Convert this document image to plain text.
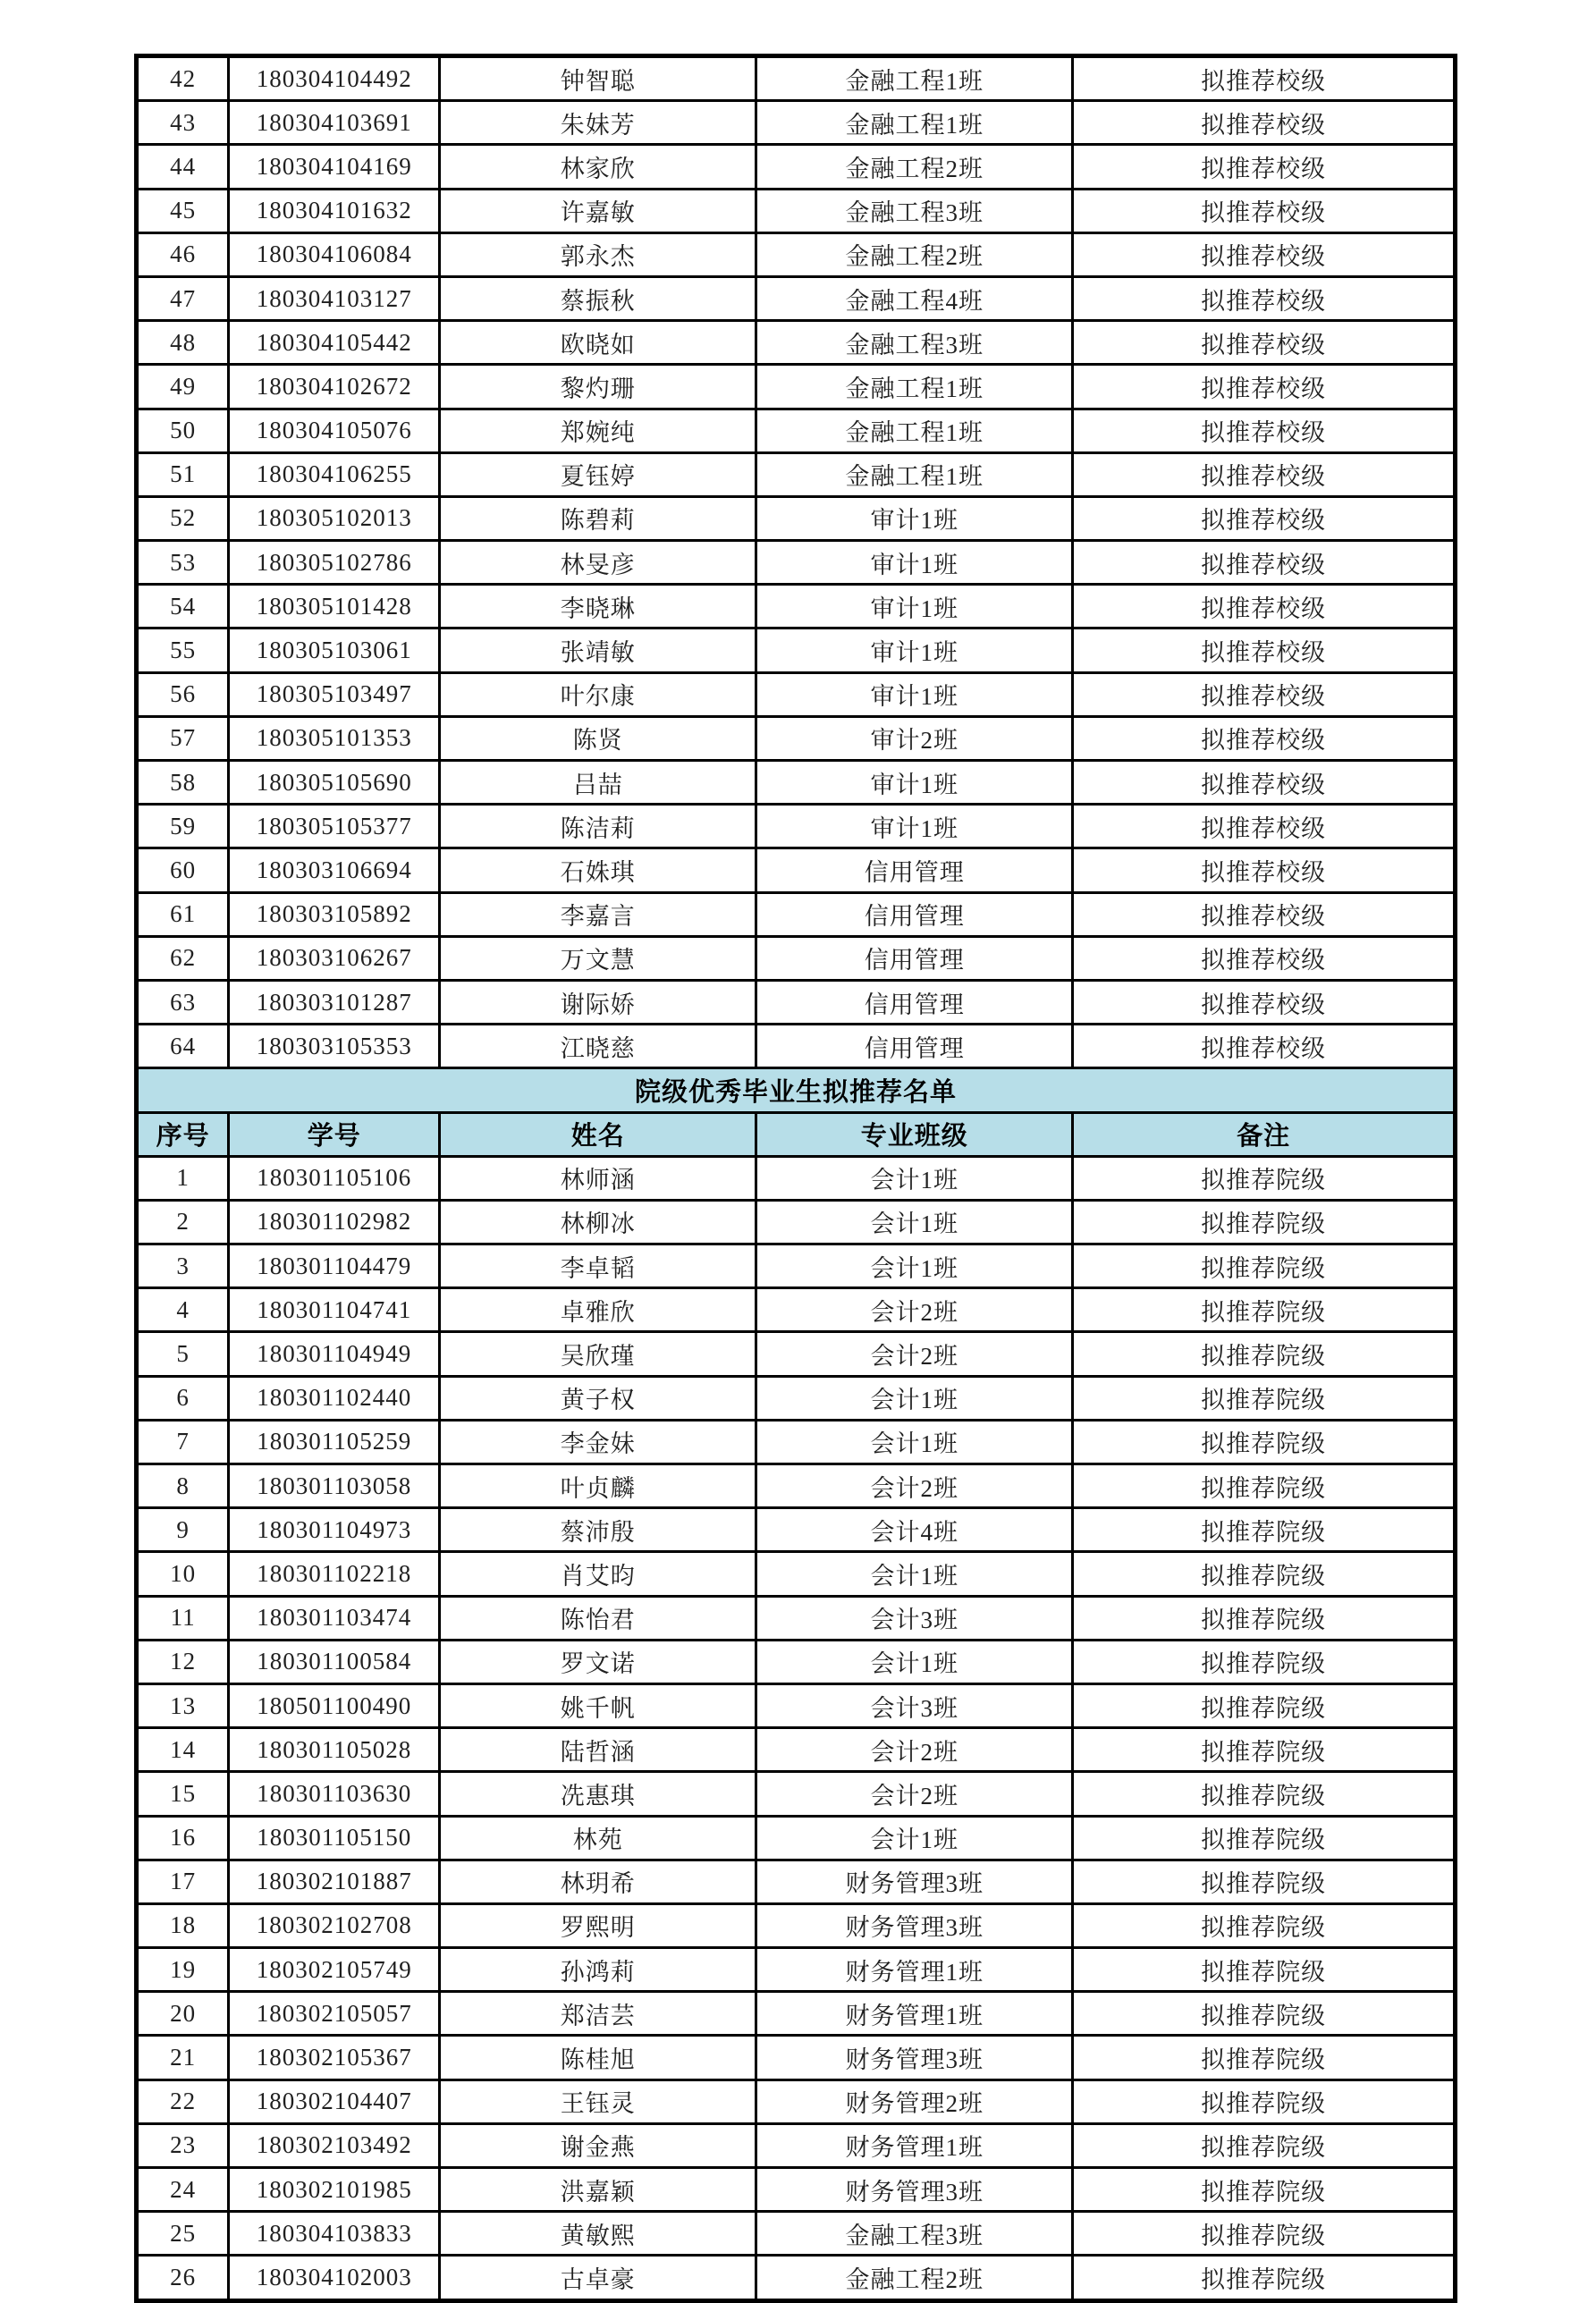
42	180304104492	钟智聪	金融工程1班	拟推荐校级
43	180304103691	朱妹芳	金融工程1班	拟推荐校级
44	180304104169	林家欣	金融工程2班	拟推荐校级
45	180304101632	许嘉敏	金融工程3班	拟推荐校级
46	180304106084	郭永杰	金融工程2班	拟推荐校级
47	180304103127	蔡振秋	金融工程4班	拟推荐校级
48	180304105442	欧晓如	金融工程3班	拟推荐校级
49	180304102672	黎灼珊	金融工程1班	拟推荐校级
50	180304105076	郑婉纯	金融工程1班	拟推荐校级
51	180304106255	夏钰婷	金融工程1班	拟推荐校级
52	180305102013	陈碧莉	审计1班	拟推荐校级
53	180305102786	林旻彦	审计1班	拟推荐校级
54	180305101428	李晓琳	审计1班	拟推荐校级
55	180305103061	张靖敏	审计1班	拟推荐校级
56	180305103497	叶尔康	审计1班	拟推荐校级
57	180305101353	陈贤	审计2班	拟推荐校级
58	180305105690	吕喆	审计1班	拟推荐校级
59	180305105377	陈洁莉	审计1班	拟推荐校级
60	180303106694	石姝琪	信用管理	拟推荐校级
61	180303105892	李嘉言	信用管理	拟推荐校级
62	180303106267	万文慧	信用管理	拟推荐校级
63	180303101287	谢际娇	信用管理	拟推荐校级
64	180303105353	江晓慈	信用管理	拟推荐校级
院级优秀毕业生拟推荐名单				
序号	学号	姓名	专业班级	备注
1	180301105106	林师涵	会计1班	拟推荐院级
2	180301102982	林柳冰	会计1班	拟推荐院级
3	180301104479	李卓韬	会计1班	拟推荐院级
4	180301104741	卓雅欣	会计2班	拟推荐院级
5	180301104949	吴欣瑾	会计2班	拟推荐院级
6	180301102440	黄子权	会计1班	拟推荐院级
7	180301105259	李金妹	会计1班	拟推荐院级
8	180301103058	叶贞麟	会计2班	拟推荐院级
9	180301104973	蔡沛殷	会计4班	拟推荐院级
10	180301102218	肖艾昀	会计1班	拟推荐院级
11	180301103474	陈怡君	会计3班	拟推荐院级
12	180301100584	罗文诺	会计1班	拟推荐院级
13	180501100490	姚千帆	会计3班	拟推荐院级
14	180301105028	陆哲涵	会计2班	拟推荐院级
15	180301103630	冼惠琪	会计2班	拟推荐院级
16	180301105150	林苑	会计1班	拟推荐院级
17	180302101887	林玥希	财务管理3班	拟推荐院级
18	180302102708	罗熙明	财务管理3班	拟推荐院级
19	180302105749	孙鸿莉	财务管理1班	拟推荐院级
20	180302105057	郑洁芸	财务管理1班	拟推荐院级
21	180302105367	陈桂旭	财务管理3班	拟推荐院级
22	180302104407	王钰灵	财务管理2班	拟推荐院级
23	180302103492	谢金燕	财务管理1班	拟推荐院级
24	180302101985	洪嘉颖	财务管理3班	拟推荐院级
25	180304103833	黄敏熙	金融工程3班	拟推荐院级
26	180304102003	古卓豪	金融工程2班	拟推荐院级
